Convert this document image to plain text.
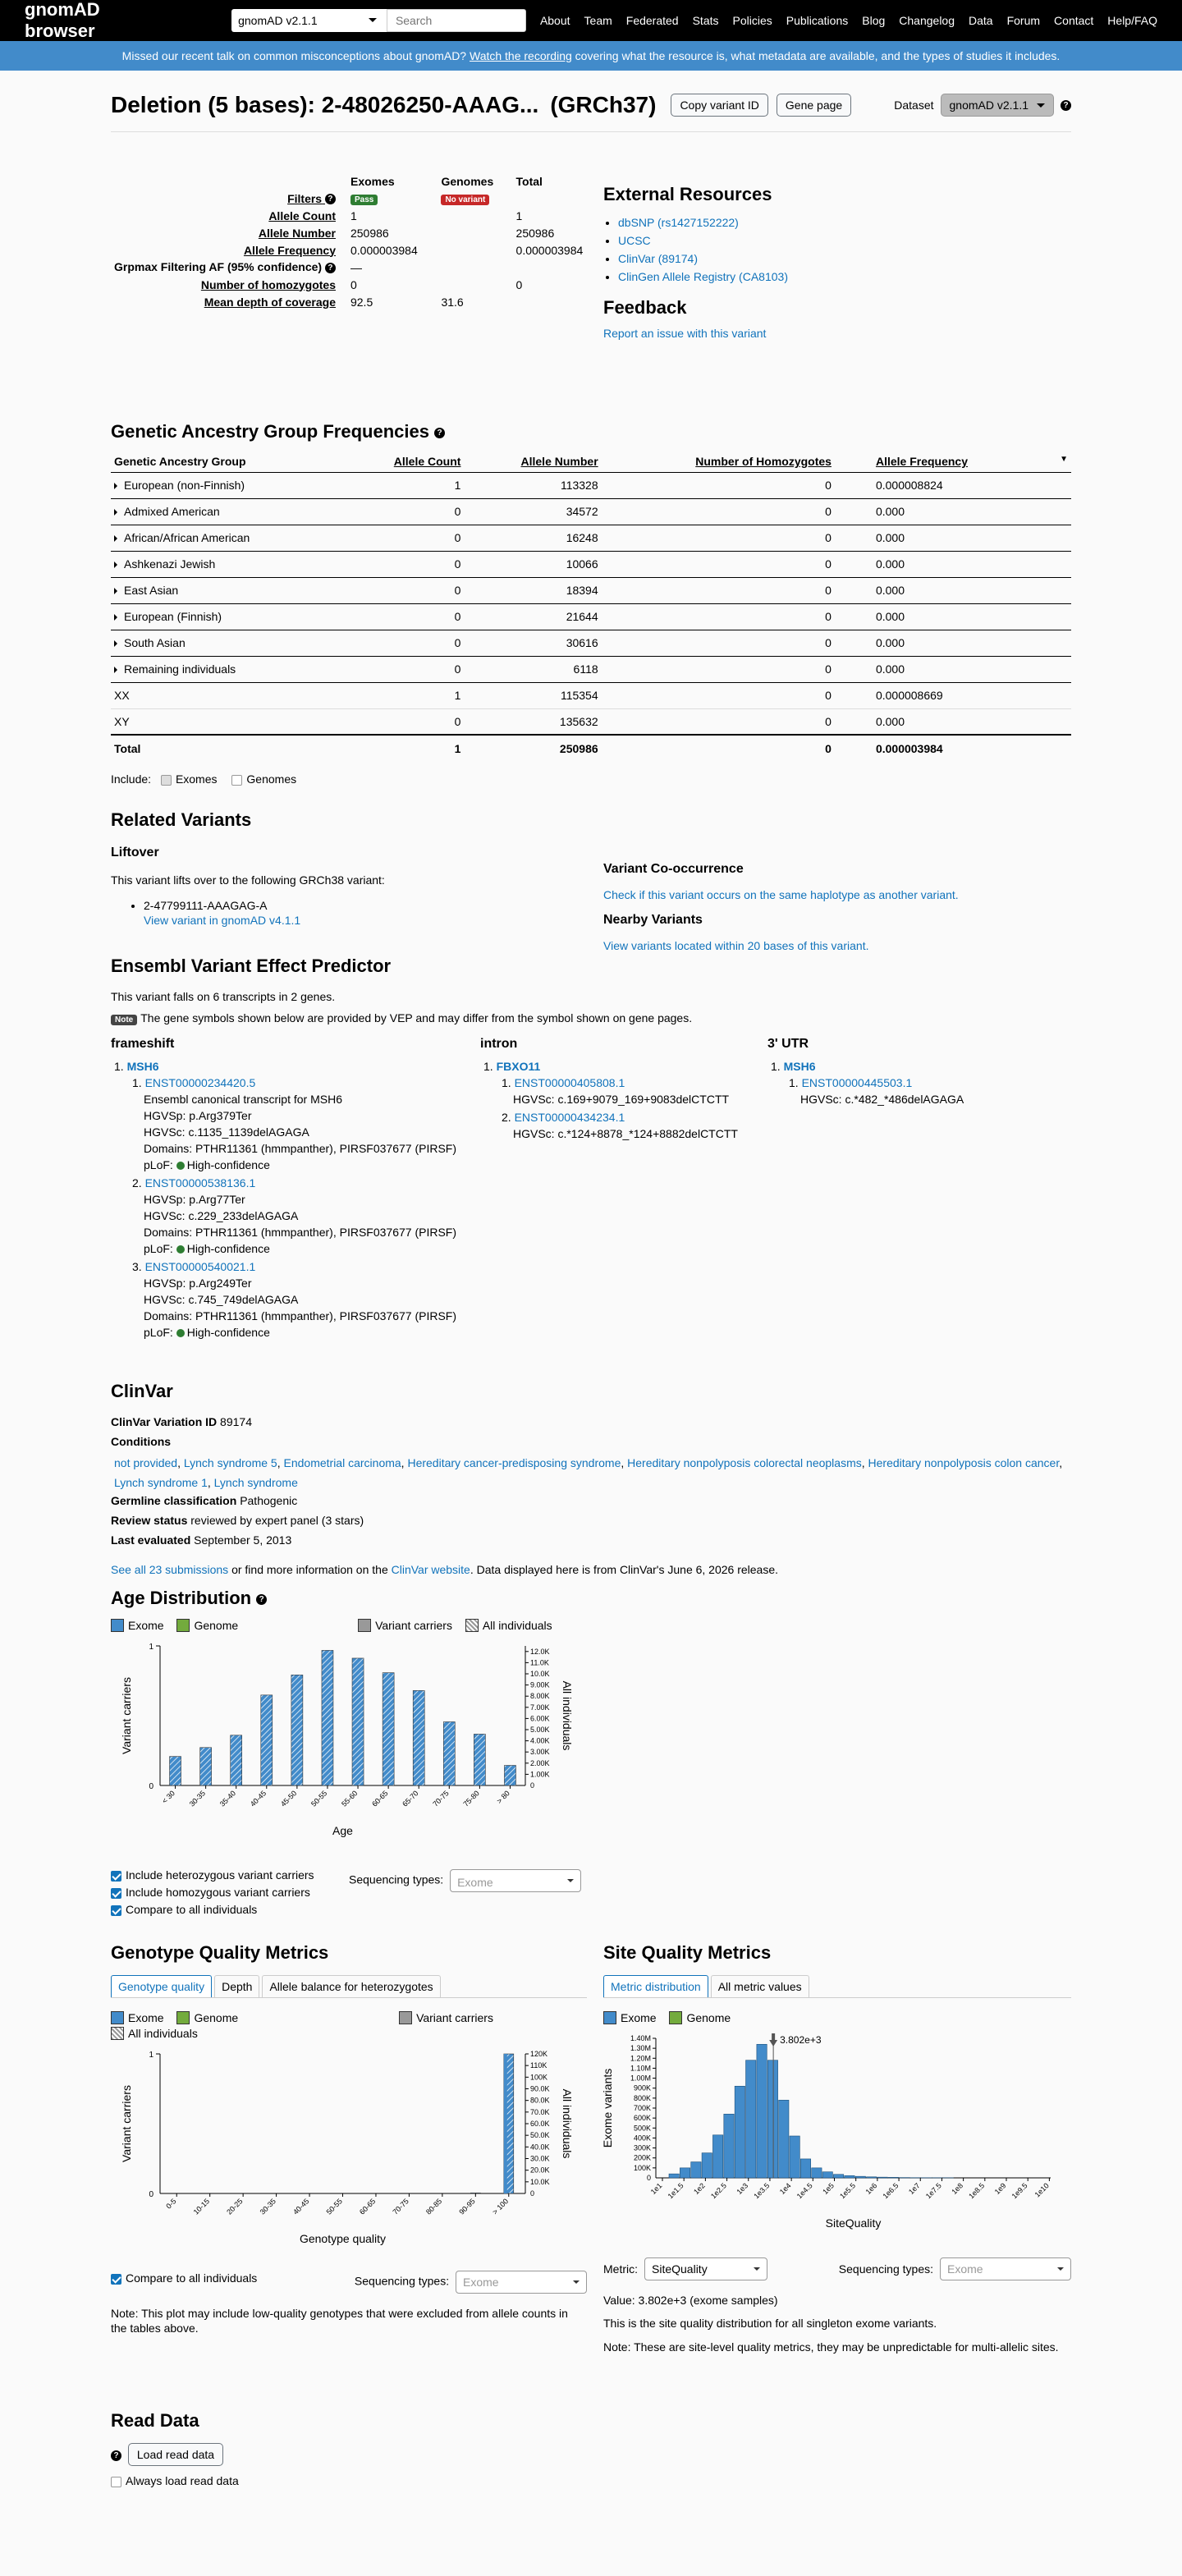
gnomAD browser	gnomAD v2.1.1
Search	About Team Federated Stats Policies Publications Blog Changelog Data Forum Contact Help/FAQ
Missed our recent talk on common misconceptions about gnomAD? Watch the recording covering what the resource is, what metadata are available, and the types of studies it includes.
Deletion (5 bases): 2-48026250-AAAG... (GRCh37)	Copy variant ID	Gene page	Dataset	gnomAD v2.1.1	?
	Exomes	Genomes	Total
Filters ?	Pass	No variant	
Allele Count	1		1
Allele Number	250986		250986
Allele Frequency	0.000003984		0.000003984
Grpmax Filtering AF (95% confidence) ?	—		
Number of homozygotes	0		0
Mean depth of coverage	92.5	31.6	
External Resources
• dbSNP (rs1427152222)
• UCSC
• ClinVar (89174)
• ClinGen Allele Registry (CA8103)
Feedback
Report an issue with this variant
Genetic Ancestry Group Frequencies ?
Genetic Ancestry Group	Allele Count	Allele Number	Number of Homozygotes	Allele Frequency ▼

European (non-Finnish)	1	113328	0	0.000008824
Admixed American	0	34572	0	0.000
African/African American	0	16248	0	0.000
Ashkenazi Jewish	0	10066	0	0.000
East Asian	0	18394	0	0.000
European (Finnish)	0	21644	0	0.000
South Asian	0	30616	0	0.000
Remaining individuals	0	6118	0	0.000
XX	1	115354	0	0.000008669
XY	0	135632	0	0.000
Total	1	250986	0	0.000003984
Include: Exomes	Genomes
Related Variants
Liftover

This variant lifts over to the following GRCh38 variant:

• 2-47799111-AAAGAG-A
View variant in gnomAD v4.1.1
Variant Co-occurrence
Check if this variant occurs on the same haplotype as another variant.
Nearby Variants
View variants located within 20 bases of this variant.
Ensembl Variant Effect Predictor

This variant falls on 6 transcripts in 2 genes.

Note The gene symbols shown below are provided by VEP and may differ from the symbol shown on gene pages.

frameshift
1. MSH6
1. ENST00000234420.5
Ensembl canonical transcript for MSH6
HGVSp: p.Arg379Ter
HGVSc: c.1135_1139delAGAGA
Domains: PTHR11361 (hmmpanther), PIRSF037677 (PIRSF)
pLoF: High-confidence
2. ENST00000538136.1
HGVSp: p.Arg77Ter
HGVSc: c.229_233delAGAGA
Domains: PTHR11361 (hmmpanther), PIRSF037677 (PIRSF)
pLoF: High-confidence
3. ENST00000540021.1
HGVSp: p.Arg249Ter
HGVSc: c.745_749delAGAGA
Domains: PTHR11361 (hmmpanther), PIRSF037677 (PIRSF)
pLoF: High-confidence
intron
1. FBXO11
1. ENST00000405808.1
HGVSc: c.169+9079_169+9083delCTCTT
2. ENST00000434234.1
HGVSc: c.*124+8878_*124+8882delCTCTT
3' UTR
1. MSH6
1. ENST00000445503.1
HGVSc: c.*482_*486delAGAGA
ClinVar

ClinVar Variation ID 89174

Conditions

not provided, Lynch syndrome 5, Endometrial carcinoma, Hereditary cancer-predisposing syndrome, Hereditary nonpolyposis colorectal neoplasms, Hereditary nonpolyposis colon cancer, Lynch syndrome 1, Lynch syndrome

Germline classification Pathogenic

Review status reviewed by expert panel (3 stars)

Last evaluated September 5, 2013

See all 23 submissions or find more information on the ClinVar website. Data displayed here is from ClinVar's June 6, 2026 release.

Age Distribution ?
Exome
	Genome
	Variant carriers
	All individuals
1
0
Variant carriers	All individuals
1.00K
2.00K
3.00K
4.00K
5.00K
6.00K
7.00K
8.00K
9.00K
10.0K
11.0K
12.0K
0
< 30 30-35 35-40 40-45 45-50 50-55 55-60 60-65 65-70 70-75 75-80 > 80
Age
Include heterozygous variant carriers
Include homozygous variant carriers
Sequencing types: Exome
Compare to all individuals
Genotype Quality Metrics
Genotype quality	Depth	Allele balance for heterozygotes
Exome
	Genome
	Variant carriers

All individuals
1
0
Variant carriers	All individuals
10.0K
20.0K
30.0K
40.0K
50.0K
60.0K
70.0K
80.0K
90.0K
100K
110K
120K
0
0-5 10-15 20-25 30-35 40-45 50-55 60-65 70-75 80-85 90-95 > 100
Genotype quality
Compare to all individuals	Sequencing types: Exome

Note: This plot may include low-quality genotypes that were excluded from allele counts in the tables above.

Site Quality Metrics
Metric distribution	All metric values
Exome
	Genome
100K
200K
300K
400K
500K
600K
700K
800K
900K
1.00M
1.10M
1.20M
1.30M
1.40M
0
Exome variants
1e1 1e1.5 1e2 1e2.5 1e3 1e3.5 1e4 1e4.5 1e5 1e5.5 1e6 1e6.5 1e7 1e7.5 1e8 1e8.5 1e9 1e9.5 1e10
3.802e+3
SiteQuality
Metric:	SiteQuality	Sequencing types:	Exome

Value: 3.802e+3 (exome samples)

This is the site quality distribution for all singleton exome variants.

Note: These are site-level quality metrics, they may be unpredictable for multi-allelic sites.

Read Data
? Load read data
Always load read data
